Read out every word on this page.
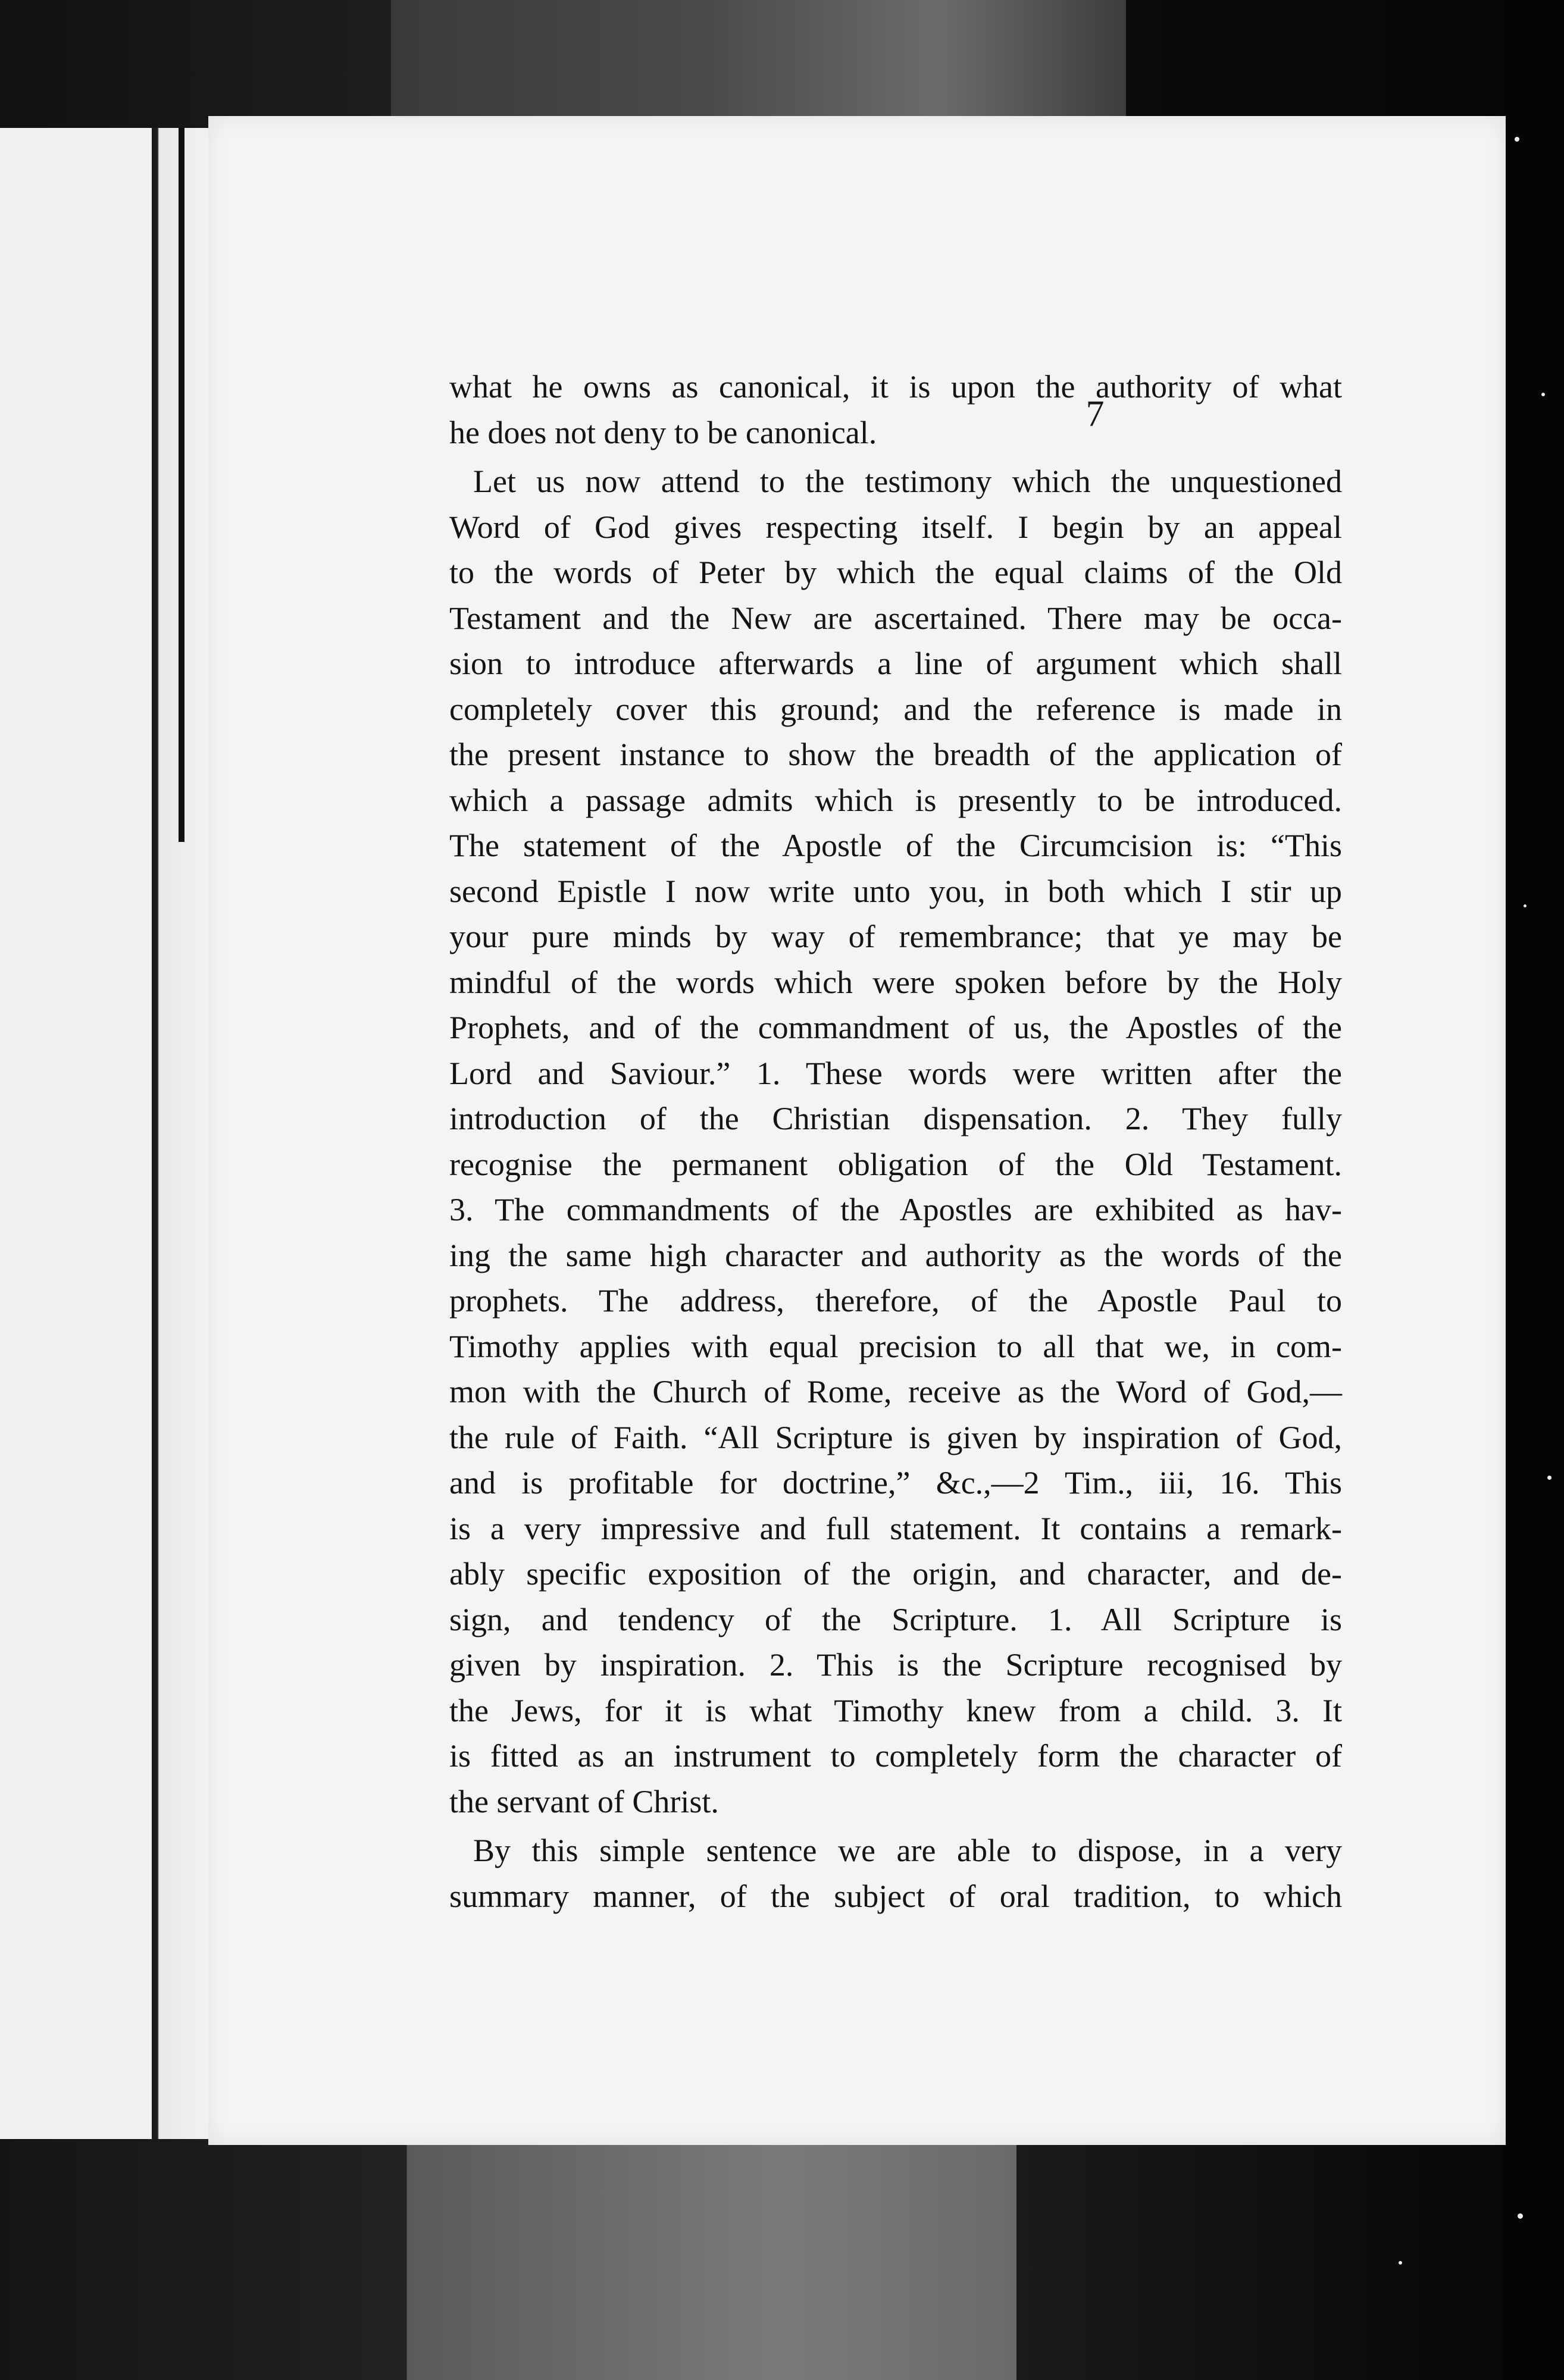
7
what he owns as canonical, it is upon the authority of what
he does not deny to be canonical.
Let us now attend to the testimony which the unquestioned
Word of God gives respecting itself. I begin by an appeal
to the words of Peter by which the equal claims of the Old
Testament and the New are ascertained. There may be occa-
sion to introduce afterwards a line of argument which shall
completely cover this ground; and the reference is made in
the present instance to show the breadth of the application of
which a passage admits which is presently to be introduced.
The statement of the Apostle of the Circumcision is: “This
second Epistle I now write unto you, in both which I stir up
your pure minds by way of remembrance; that ye may be
mindful of the words which were spoken before by the Holy
Prophets, and of the commandment of us, the Apostles of the
Lord and Saviour.” 1. These words were written after the
introduction of the Christian dispensation. 2. They fully
recognise the permanent obligation of the Old Testament.
3. The commandments of the Apostles are exhibited as hav-
ing the same high character and authority as the words of the
prophets. The address, therefore, of the Apostle Paul to
Timothy applies with equal precision to all that we, in com-
mon with the Church of Rome, receive as the Word of God,—
the rule of Faith. “All Scripture is given by inspiration of God,
and is profitable for doctrine,” &c.,—2 Tim., iii, 16. This
is a very impressive and full statement. It contains a remark-
ably specific exposition of the origin, and character, and de-
sign, and tendency of the Scripture. 1. All Scripture is
given by inspiration. 2. This is the Scripture recognised by
the Jews, for it is what Timothy knew from a child. 3. It
is fitted as an instrument to completely form the character of
the servant of Christ.
By this simple sentence we are able to dispose, in a very
summary manner, of the subject of oral tradition, to which
